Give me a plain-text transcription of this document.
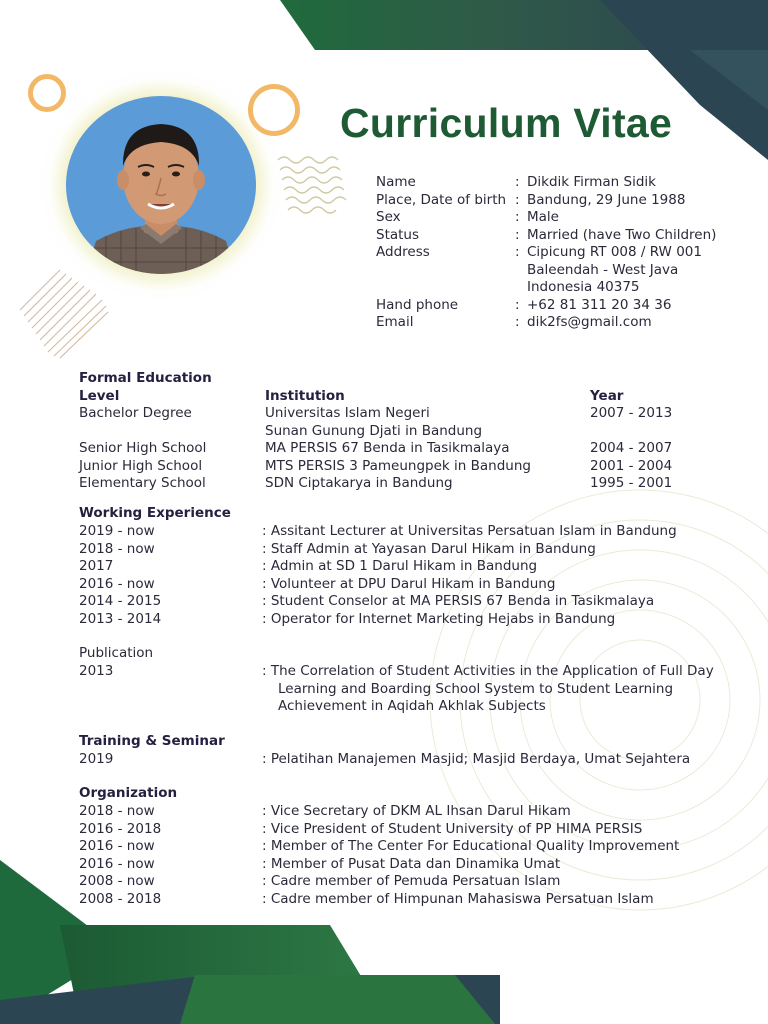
Curriculum Vitae
Name	: Dikdik Firman Sidik
Place, Date of birth : Bandung, 29 June 1988
Sex	: Male
Status	: Married (have Two Children)
Address	: Cipicung RT 008 / RW 001
Baleendah - West Java
Indonesia 40375
Hand phone	: +62 81 311 20 34 36
Email	: dik2fs@gmail.com
Formal Education
Level	Institution	Year
Bachelor Degree	Universitas Islam Negeri	2007 - 2013
Sunan Gunung Djati in Bandung
Senior High School	MA PERSIS 67 Benda in Tasikmalaya	2004 - 2007
Junior High School	MTS PERSIS 3 Pameungpek in Bandung	2001 - 2004
Elementary School	SDN Ciptakarya in Bandung	1995 - 2001
Working Experience
2019 - now	: Assitant Lecturer at Universitas Persatuan Islam in Bandung
2018 - now	: Staff Admin at Yayasan Darul Hikam in Bandung
2017	: Admin at SD 1 Darul Hikam in Bandung
2016 - now	: Volunteer at DPU Darul Hikam in Bandung
2014 - 2015	: Student Conselor at MA PERSIS 67 Benda in Tasikmalaya
2013 - 2014	: Operator for Internet Marketing Hejabs in Bandung
Publication
2013	: The Correlation of Student Activities in the Application of Full Day
Learning and Boarding School System to Student Learning
Achievement in Aqidah Akhlak Subjects
Training & Seminar
2019	: Pelatihan Manajemen Masjid; Masjid Berdaya, Umat Sejahtera
Organization
2018 - now	: Vice Secretary of DKM AL Ihsan Darul Hikam
2016 - 2018	: Vice President of Student University of PP HIMA PERSIS
2016 - now	: Member of The Center For Educational Quality Improvement
2016 - now	: Member of Pusat Data dan Dinamika Umat
2008 - now	: Cadre member of Pemuda Persatuan Islam
2008 - 2018	: Cadre member of Himpunan Mahasiswa Persatuan Islam
